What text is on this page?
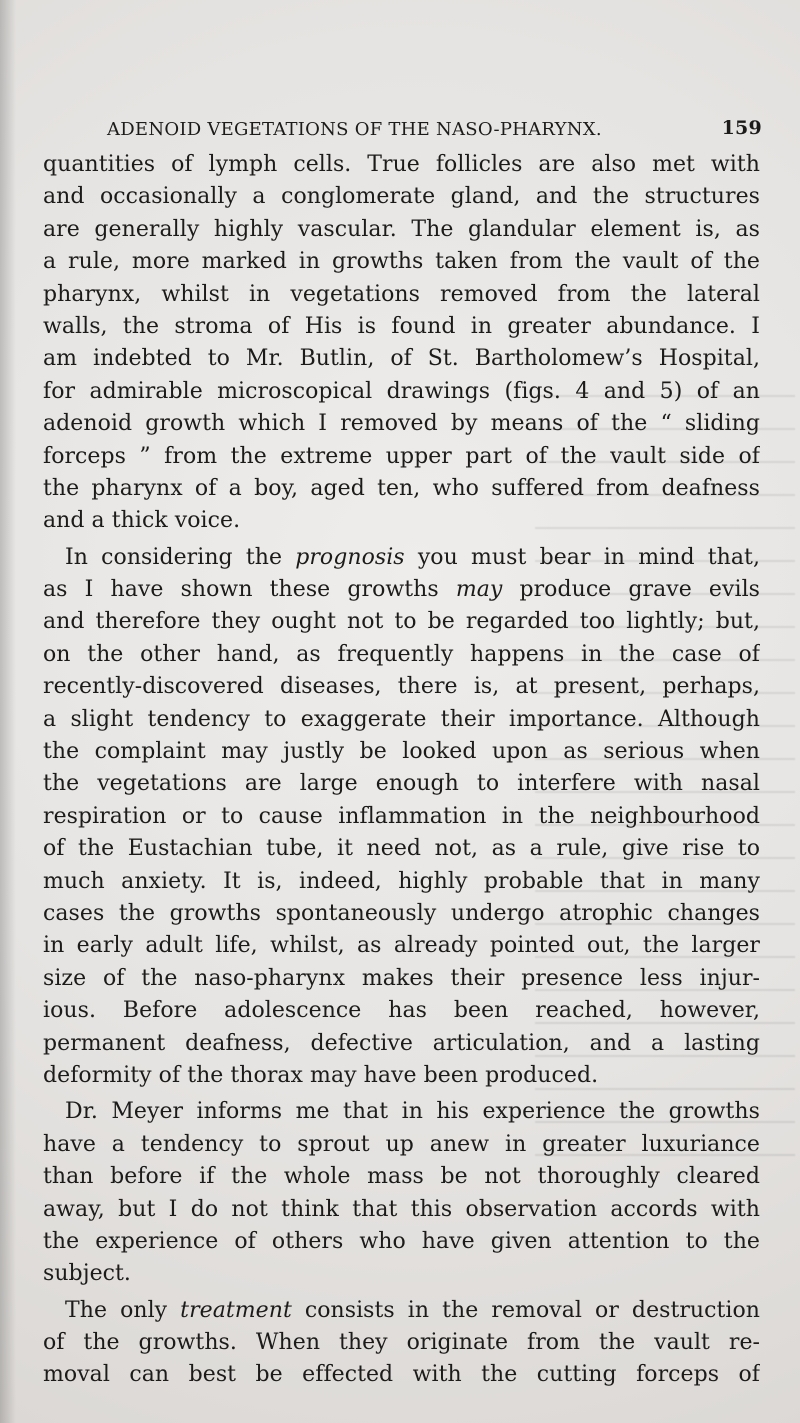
ADENOID VEGETATIONS OF THE NASO-PHARYNX.	159
quantities of lymph cells. True follicles are also met with
and occasionally a conglomerate gland, and the structures
are generally highly vascular. The glandular element is, as
a rule, more marked in growths taken from the vault of the
pharynx, whilst in vegetations removed from the lateral
walls, the stroma of His is found in greater abundance. I
am indebted to Mr. Butlin, of St. Bartholomew’s Hospital,
for admirable microscopical drawings (figs. 4 and 5) of an
adenoid growth which I removed by means of the “ sliding
forceps ” from the extreme upper part of the vault side of
the pharynx of a boy, aged ten, who suffered from deafness
and a thick voice.
In considering the prognosis you must bear in mind that,
as I have shown these growths may produce grave evils
and therefore they ought not to be regarded too lightly; but,
on the other hand, as frequently happens in the case of
recently-discovered diseases, there is, at present, perhaps,
a slight tendency to exaggerate their importance. Although
the complaint may justly be looked upon as serious when
the vegetations are large enough to interfere with nasal
respiration or to cause inflammation in the neighbourhood
of the Eustachian tube, it need not, as a rule, give rise to
much anxiety. It is, indeed, highly probable that in many
cases the growths spontaneously undergo atrophic changes
in early adult life, whilst, as already pointed out, the larger
size of the naso-pharynx makes their presence less injur-
ious. Before adolescence has been reached, however,
permanent deafness, defective articulation, and a lasting
deformity of the thorax may have been produced.
Dr. Meyer informs me that in his experience the growths
have a tendency to sprout up anew in greater luxuriance
than before if the whole mass be not thoroughly cleared
away, but I do not think that this observation accords with
the experience of others who have given attention to the
subject.
The only treatment consists in the removal or destruction
of the growths. When they originate from the vault re-
moval can best be effected with the cutting forceps of
